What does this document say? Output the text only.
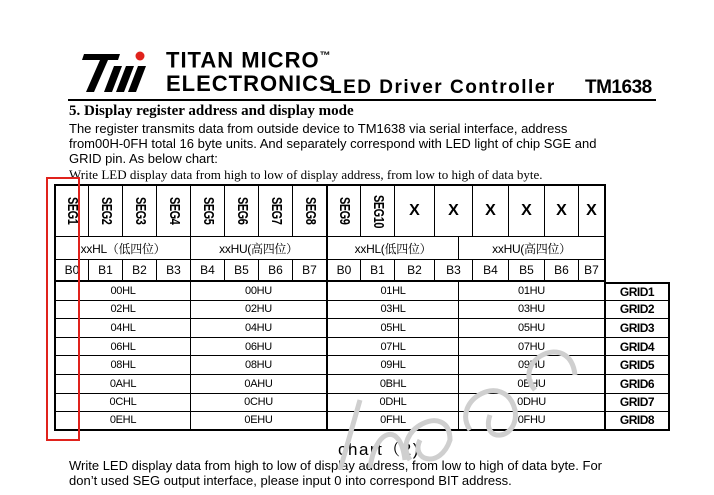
TITAN MICRO™
ELECTRONICS
LED Driver Controller TM1638
5. Display register address and display mode
The register transmits data from outside device to TM1638 via serial interface, address
from00H-0FH total 16 byte units. And separately correspond with LED light of chip SGE and
GRID pin. As below chart:
Write LED display data from high to low of display address, from low to high of data byte.
SEG1 SEG2 SEG3 SEG4 SEG5 SEG6 SEG7 SEG8 SEG9 SEG10 X X X X X X
xxHL（低四位）	xxHU(高四位）	xxHL(低四位）	xxHU(高四位）
B0 B1 B2 B3 B4 B5 B6 B7 B0 B1 B2 B3 B4 B5 B6 B7
00HL	00HU	01HL	01HU	GRID1
02HL	02HU	03HL	03HU	GRID2
04HL	04HU	05HL	05HU	GRID3
06HL	06HU	07HL	07HU	GRID4
08HL	08HU	09HL	09HU	GRID5
0AHL	0AHU	0BHL	0BHU	GRID6
0CHL	0CHU	0DHL	0DHU	GRID7
0EHL	0EHU	0FHL	0FHU	GRID8
chart（2)
Write LED display data from high to low of display address, from low to high of data byte. For
don’t used SEG output interface, please input 0 into correspond BIT address.
